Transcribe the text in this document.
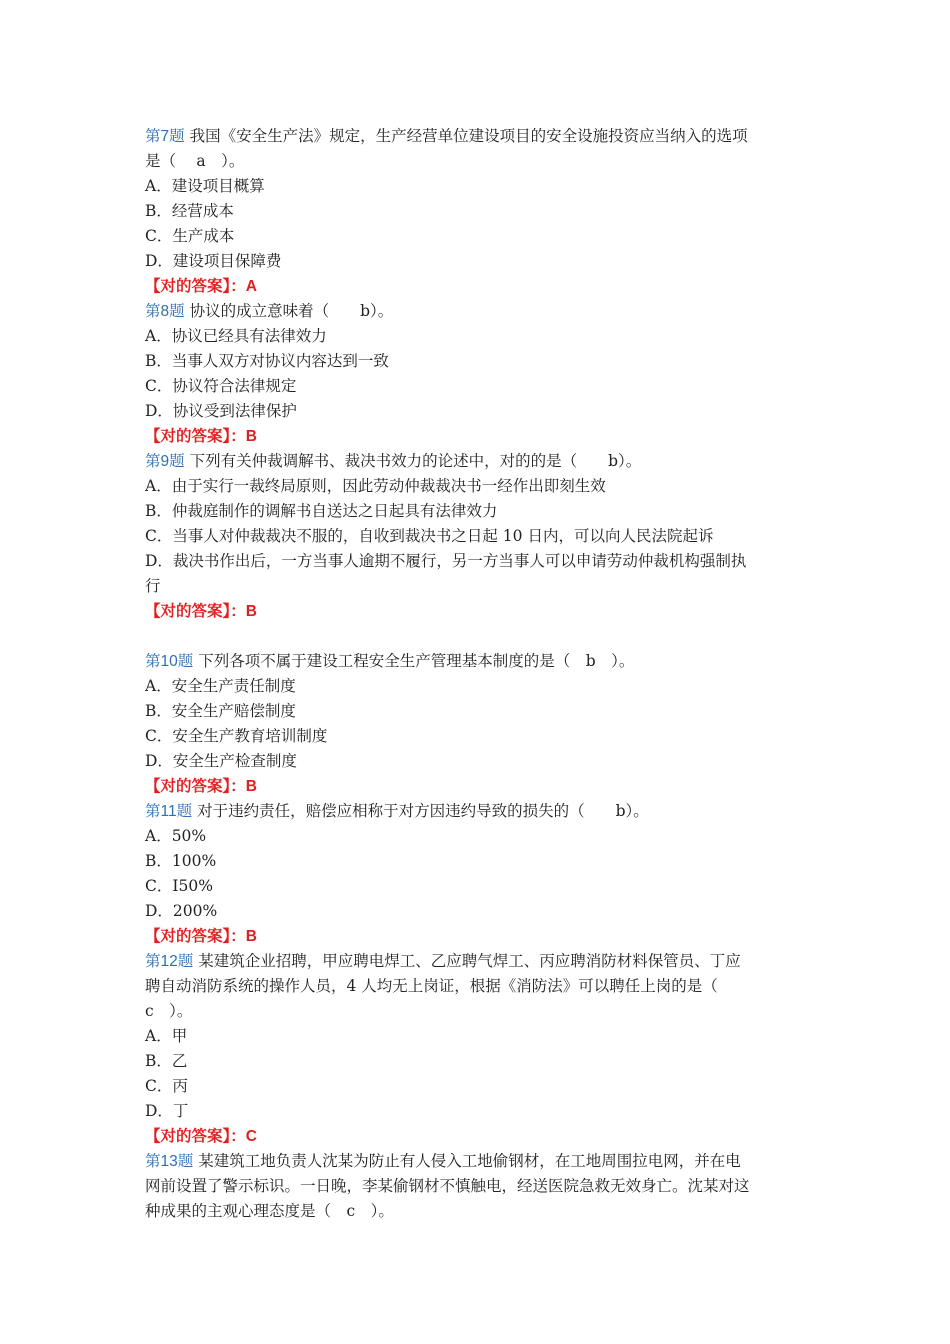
第7题 我国《安全生产法》规定，生产经营单位建设项目的安全设施投资应当纳入的选项
是（　 a　）。
A．建设项目概算
B．经营成本
C．生产成本
D．建设项目保障费
【对的答案】：A
第8题 协议的成立意味着（　　b）。
A．协议已经具有法律效力
B．当事人双方对协议内容达到一致
C．协议符合法律规定
D．协议受到法律保护
【对的答案】：B
第9题 下列有关仲裁调解书、裁决书效力的论述中，对的的是（　　b）。
A．由于实行一裁终局原则，因此劳动仲裁裁决书一经作出即刻生效
B．仲裁庭制作的调解书自送达之日起具有法律效力
C．当事人对仲裁裁决不服的，自收到裁决书之日起 10 日内，可以向人民法院起诉
D．裁决书作出后，一方当事人逾期不履行，另一方当事人可以申请劳动仲裁机构强制执
行
【对的答案】：B
第10题 下列各项不属于建设工程安全生产管理基本制度的是（　b　）。
A．安全生产责任制度
B．安全生产赔偿制度
C．安全生产教育培训制度
D．安全生产检查制度
【对的答案】：B
第11题 对于违约责任，赔偿应相称于对方因违约导致的损失的（　　b）。
A．50%
B．100%
C．I50%
D．200%
【对的答案】：B
第12题 某建筑企业招聘，甲应聘电焊工、乙应聘气焊工、丙应聘消防材料保管员、丁应
聘自动消防系统的操作人员，4 人均无上岗证，根据《消防法》可以聘任上岗的是（
c　）。
A．甲
B．乙
C．丙
D．丁
【对的答案】：C
第13题 某建筑工地负责人沈某为防止有人侵入工地偷钢材，在工地周围拉电网，并在电
网前设置了警示标识。一日晚，李某偷钢材不慎触电，经送医院急救无效身亡。沈某对这
种成果的主观心理态度是（　c　）。
